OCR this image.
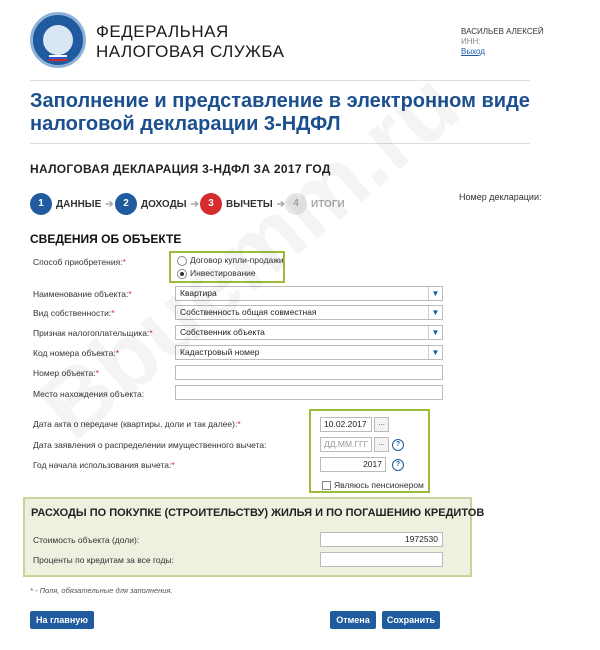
ФЕДЕРАЛЬНАЯ
НАЛОГОВАЯ СЛУЖБА
ВАСИЛЬЕВ АЛЕКСЕЙ
ИНН:
Выход
Заполнение и представление в электронном виде налоговой декларации 3-НДФЛ
НАЛОГОВАЯ ДЕКЛАРАЦИЯ 3-НДФЛ ЗА 2017 ГОД
1 ДАННЫЕ ➔ 2 ДОХОДЫ ➔ 3 ВЫЧЕТЫ ➔ 4 ИТОГИ
Номер декларации:
СВЕДЕНИЯ ОБ ОБЪЕКТЕ
Способ приобретения:*	Договор купли-продажи
Инвестирование
Наименование объекта:*	Квартира	▼
Вид собственности:*	Собственность общая совместная	▼
Признак налогоплательщика:*	Собственник объекта	▼
Код номера объекта:*	Кадастровый номер	▼
Номер объекта:*
Место нахождения объекта:
Дата акта о передаче (квартиры, доли и так далее):*	10.02.2017	...
Дата заявления о распределении имущественного вычета:	ДД.ММ.ГГГ	...	?
Год начала использования вычета:*	2017	?
Являюсь пенсионером
РАСХОДЫ ПО ПОКУПКЕ (СТРОИТЕЛЬСТВУ) ЖИЛЬЯ И ПО ПОГАШЕНИЮ КРЕДИТОВ
Стоимость объекта (доли):	1972530
Проценты по кредитам за все годы:
* - Поля, обязательные для заполнения.
На главную	Отмена	Сохранить
